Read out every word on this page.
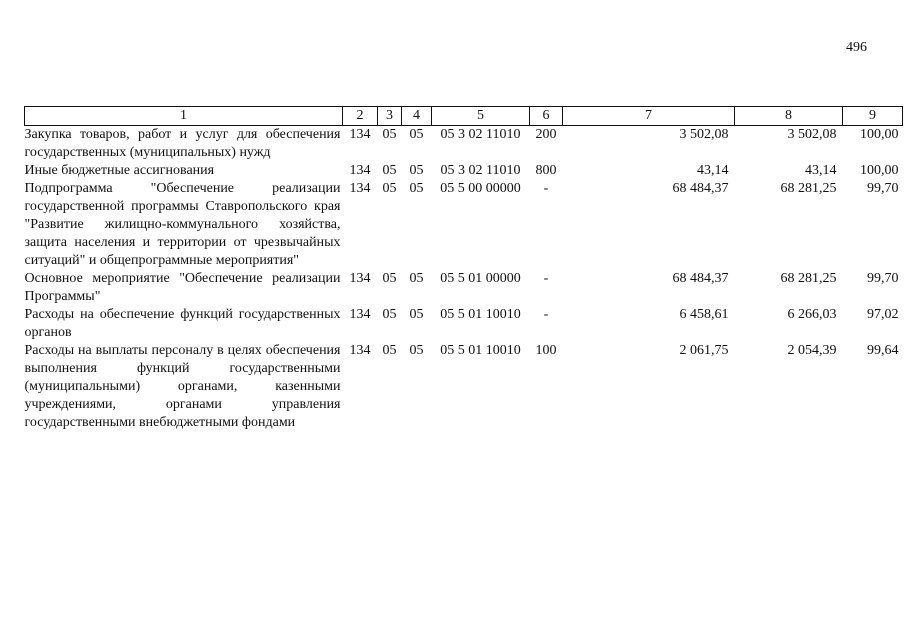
496
1	2	3	4	5	6	7	8	9
Закупка товаров, работ и услуг для обеспечения государственных (муниципальных) нужд	134	05	05	05 3 02 11010	200	3 502,08	3 502,08	100,00
Иные бюджетные ассигнования	134	05	05	05 3 02 11010	800	43,14	43,14	100,00
Подпрограмма "Обеспечение реализации государственной программы Ставропольского края "Развитие жилищно-коммунального хозяйства, защита населения и территории от чрезвычайных ситуаций" и общепрограммные мероприятия"	134	05	05	05 5 00 00000	-	68 484,37	68 281,25	99,70
Основное мероприятие "Обеспечение реализации Программы"	134	05	05	05 5 01 00000	-	68 484,37	68 281,25	99,70
Расходы на обеспечение функций государственных органов	134	05	05	05 5 01 10010	-	6 458,61	6 266,03	97,02
Расходы на выплаты персоналу в целях обеспечения выполнения функций государственными (муниципальными) органами, казенными учреждениями, органами управления государственными внебюджетными фондами	134	05	05	05 5 01 10010	100	2 061,75	2 054,39	99,64
